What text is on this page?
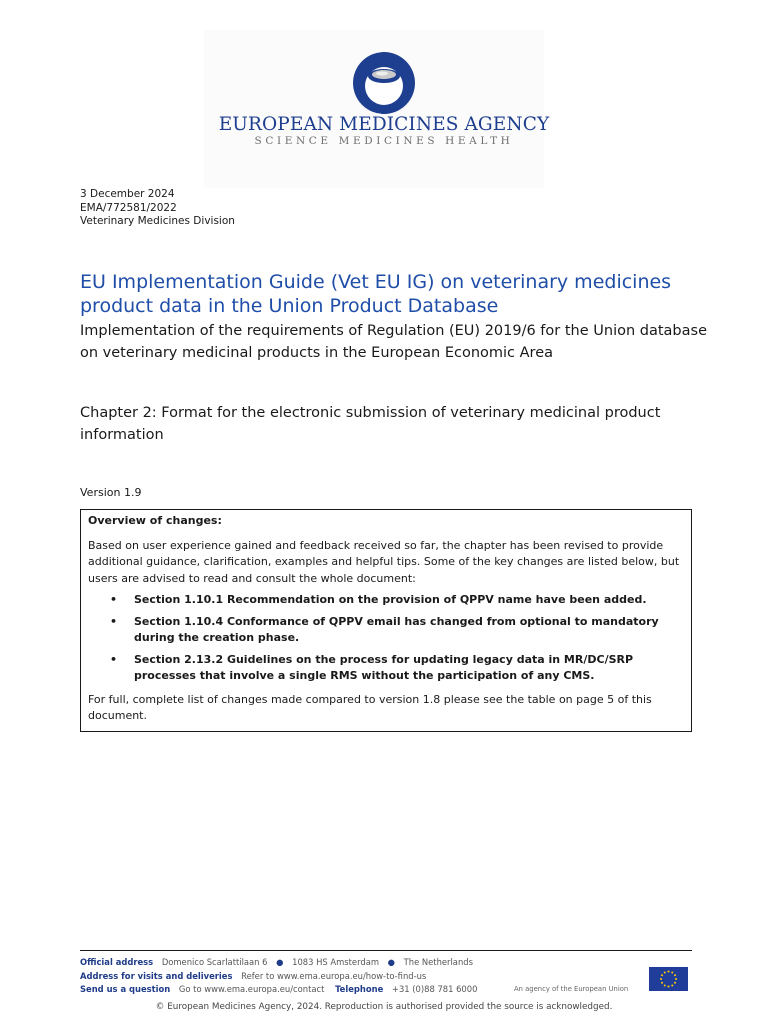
EUROPEAN MEDICINES AGENCY
SCIENCE MEDICINES HEALTH
3 December 2024
EMA/772581/2022
Veterinary Medicines Division
EU Implementation Guide (Vet EU IG) on veterinary medicines product data in the Union Product Database

Implementation of the requirements of Regulation (EU) 2019/6 for the Union database on veterinary medicinal products in the European Economic Area

Chapter 2: Format for the electronic submission of veterinary medicinal product information

Version 1.9

Overview of changes:

Based on user experience gained and feedback received so far, the chapter has been revised to provide additional guidance, clarification, examples and helpful tips. Some of the key changes are listed below, but users are advised to read and consult the whole document:

• Section 1.10.1 Recommendation on the provision of QPPV name have been added.
• Section 1.10.4 Conformance of QPPV email has changed from optional to mandatory during the creation phase.
• Section 2.13.2 Guidelines on the process for updating legacy data in MR/DC/SRP processes that involve a single RMS without the participation of any CMS.

For full, complete list of changes made compared to version 1.8 please see the table on page 5 of this document.

Official address Domenico Scarlattilaan 6 ● 1083 HS Amsterdam ● The Netherlands
Address for visits and deliveries Refer to www.ema.europa.eu/how-to-find-us
Send us a question Go to www.ema.europa.eu/contact Telephone +31 (0)88 781 6000	An agency of the European Union
© European Medicines Agency, 2024. Reproduction is authorised provided the source is acknowledged.
